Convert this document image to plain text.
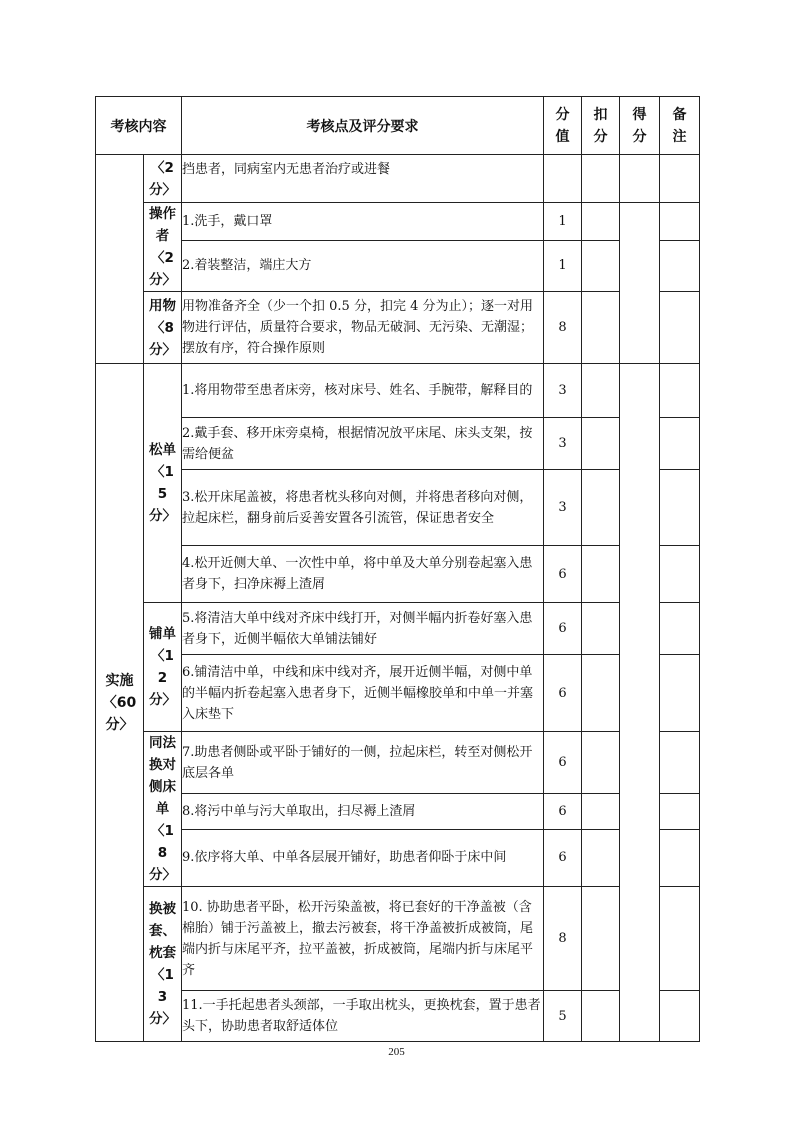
考核内容		考核点及评分要求	分值	扣分	得分	备注

	〈2分〉	挡患者，同病室内无患者治疗或进餐				

	操作者〈2分〉	1.洗手，戴口罩	1			
		2.着装整洁，端庄大方	1			

	用物〈8分〉	用物准备齐全（少一个扣 0.5 分，扣完 4 分为止）；逐一对用物进行评估，质量符合要求，物品无破洞、无污染、无潮湿；摆放有序，符合操作原则	8			

实施〈60分〉	松单〈15分〉	1.将用物带至患者床旁，核对床号、姓名、手腕带，解释目的	3			
		2.戴手套、移开床旁桌椅，根据情况放平床尾、床头支架，按需给便盆	3			
		3.松开床尾盖被，将患者枕头移向对侧，并将患者移向对侧，拉起床栏，翻身前后妥善安置各引流管，保证患者安全	3			
		4.松开近侧大单、一次性中单，将中单及大单分别卷起塞入患者身下，扫净床褥上渣屑	6			

	铺单〈12分〉	5.将清洁大单中线对齐床中线打开，对侧半幅内折卷好塞入患者身下，近侧半幅依大单铺法铺好	6			
		6.铺清洁中单，中线和床中线对齐，展开近侧半幅，对侧中单的半幅内折卷起塞入患者身下，近侧半幅橡胶单和中单一并塞入床垫下	6			

	同法换对侧床单〈18分〉	7.助患者侧卧或平卧于铺好的一侧，拉起床栏，转至对侧松开底层各单	6			
		8.将污中单与污大单取出，扫尽褥上渣屑	6			
		9.依序将大单、中单各层展开铺好，助患者仰卧于床中间	6			

	换被套、枕套〈13分〉	10. 协助患者平卧，松开污染盖被，将已套好的干净盖被（含棉胎）铺于污盖被上，撤去污被套，将干净盖被折成被筒，尾端内折与床尾平齐，拉平盖被，折成被筒，尾端内折与床尾平齐	8			
		11.一手托起患者头颈部，一手取出枕头，更换枕套，置于患者头下，协助患者取舒适体位	5			
205
